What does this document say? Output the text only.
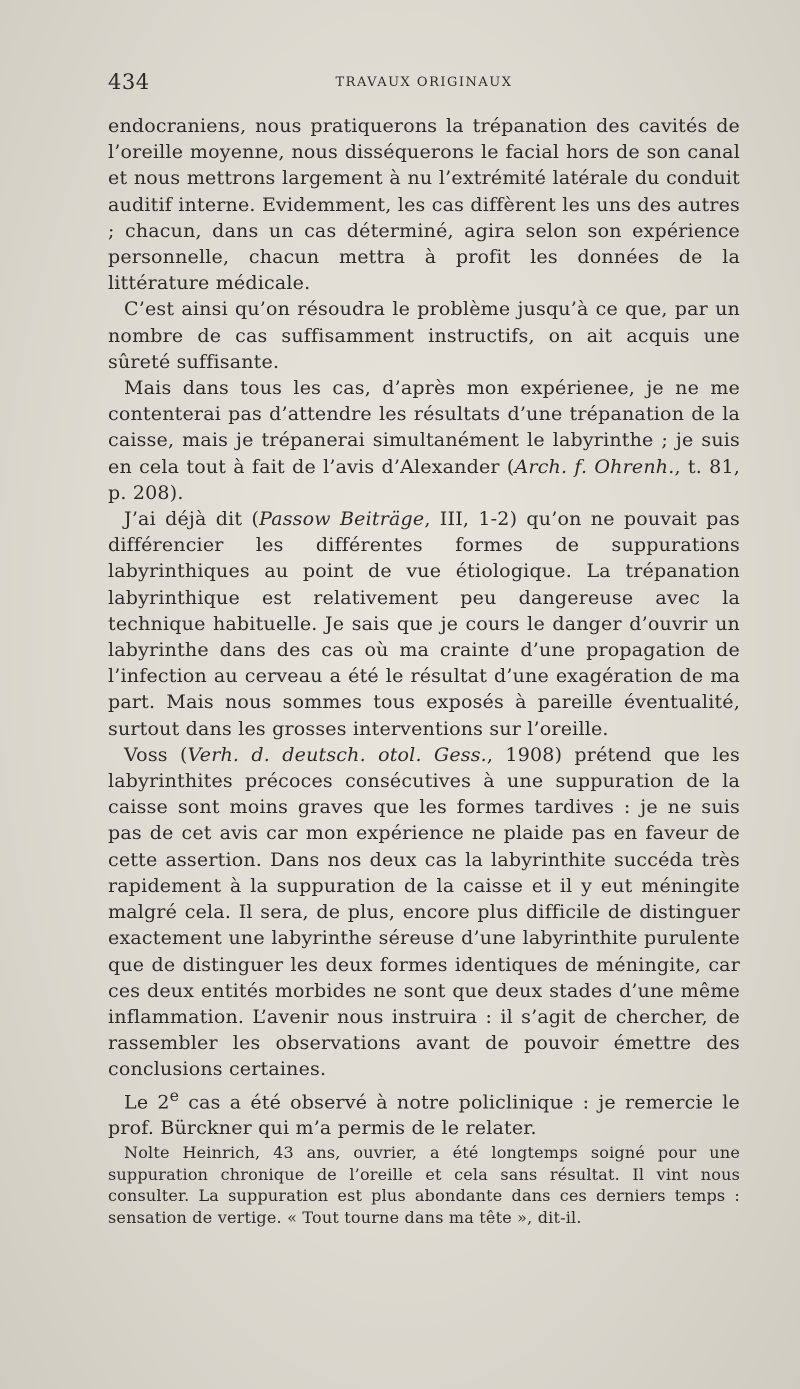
434	TRAVAUX ORIGINAUX

endocraniens, nous pratiquerons la trépanation des cavités de l’oreille moyenne, nous disséquerons le facial hors de son canal et nous mettrons largement à nu l’extrémité latérale du conduit auditif interne. Evidemment, les cas diffèrent les uns des autres ; chacun, dans un cas déterminé, agira selon son expérience personnelle, chacun mettra à profit les données de la littérature médicale.

C’est ainsi qu’on résoudra le problème jusqu’à ce que, par un nombre de cas suffisamment instructifs, on ait acquis une sûreté suffisante.

Mais dans tous les cas, d’après mon expérienee, je ne me contenterai pas d’attendre les résultats d’une trépanation de la caisse, mais je trépanerai simultanément le labyrinthe ; je suis en cela tout à fait de l’avis d’Alexander (Arch. f. Ohrenh., t. 81, p. 208).

J’ai déjà dit (Passow Beiträge, III, 1-2) qu’on ne pouvait pas différencier les différentes formes de suppurations labyrinthiques au point de vue étiologique. La trépanation labyrinthique est relativement peu dangereuse avec la technique habituelle. Je sais que je cours le danger d’ouvrir un labyrinthe dans des cas où ma crainte d’une propagation de l’infection au cerveau a été le résultat d’une exagération de ma part. Mais nous sommes tous exposés à pareille éventualité, surtout dans les grosses interventions sur l’oreille.

Voss (Verh. d. deutsch. otol. Gess., 1908) prétend que les labyrinthites précoces consécutives à une suppuration de la caisse sont moins graves que les formes tardives : je ne suis pas de cet avis car mon expérience ne plaide pas en faveur de cette assertion. Dans nos deux cas la labyrinthite succéda très rapidement à la suppuration de la caisse et il y eut méningite malgré cela. Il sera, de plus, encore plus difficile de distinguer exactement une labyrinthe séreuse d’une labyrinthite purulente que de distinguer les deux formes identiques de méningite, car ces deux entités morbides ne sont que deux stades d’une même inflammation. L’avenir nous instruira : il s’agit de chercher, de rassembler les observations avant de pouvoir émettre des conclusions certaines.

Le 2e cas a été observé à notre policlinique : je remercie le prof. Bürckner qui m’a permis de le relater.

Nolte Heinrich, 43 ans, ouvrier, a été longtemps soigné pour une suppuration chronique de l’oreille et cela sans résultat. Il vint nous consulter. La suppuration est plus abondante dans ces derniers temps : sensation de vertige. « Tout tourne dans ma tête », dit-il.
